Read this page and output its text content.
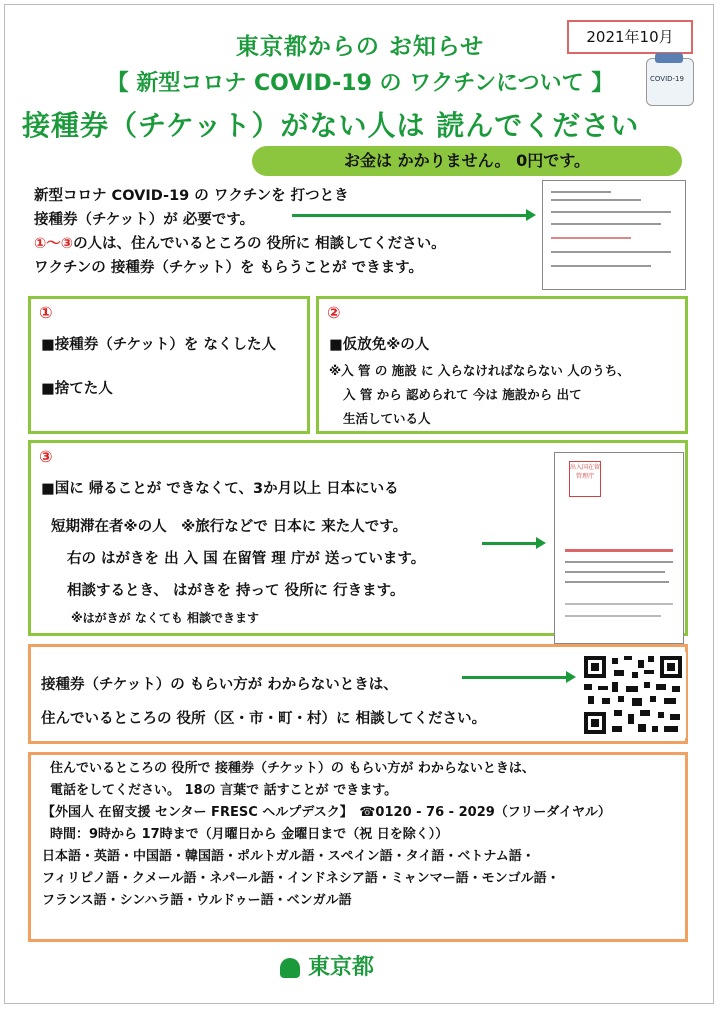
東京都からの お知らせ	2021年10月
【 新型コロナ COVID-19 の ワクチンについて 】	COVID-19
接種券（チケット）がない人は 読んでください
お金は かかりません。 0円です。
新型コロナ COVID-19 の ワクチンを 打つとき
接種券（チケット）が 必要です。
①～③の人は、住んでいるところの 役所に 相談してください。
ワクチンの 接種券（チケット）を もらうことが できます。
①
■接種券（チケット）を なくした人
■捨てた人
②
■仮放免※の人
※入 管 の 施設 に 入らなければならない 人のうち、
入 管 から 認められて 今は 施設から 出て
生活している人
③
■国に 帰ることが できなくて、3か月以上 日本にいる
短期滞在者※の人　※旅行などで 日本に 来た人です。
右の はがきを 出 入 国 在留管 理 庁が 送っています。
相談するとき、 はがきを 持って 役所に 行きます。
※はがきが なくても 相談できます
出入国在留管理庁
接種券（チケット）の もらい方が わからないときは、
住んでいるところの 役所（区・市・町・村）に 相談してください。
住んでいるところの 役所で 接種券（チケット）の もらい方が わからないときは、
電話をしてください。 18の 言葉で 話すことが できます。
【外国人 在留支援 センター FRESC ヘルプデスク】　☎0120 - 76 - 2029（フリーダイヤル）
時間：9時から 17時まで（月曜日から 金曜日まで（祝 日を除く））
日本語・英語・中国語・韓国語・ポルトガル語・スペイン語・タイ語・ベトナム語・
フィリピノ語・クメール語・ネパール語・インドネシア語・ミャンマー語・モンゴル語・
フランス語・シンハラ語・ウルドゥー語・ベンガル語
東京都
